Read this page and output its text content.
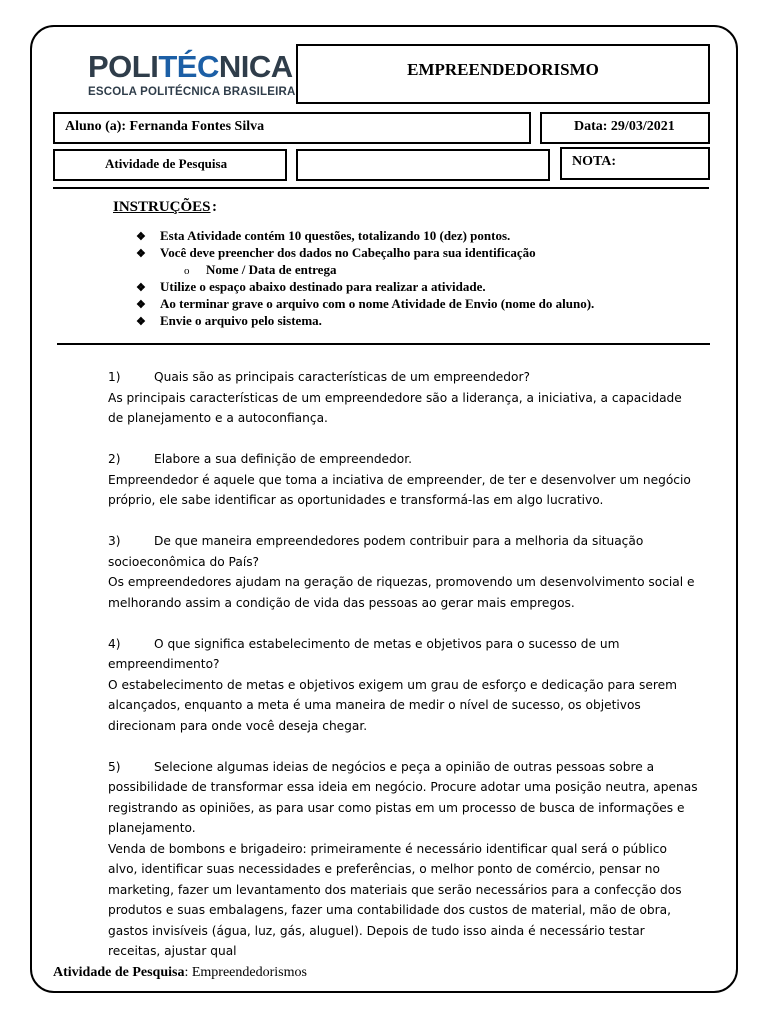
POLITÉCNICA
ESCOLA POLITÉCNICA BRASILEIRA
EMPREENDEDORISMO
Aluno (a): Fernanda Fontes Silva	Data: 29/03/2021
Atividade de Pesquisa	NOTA:
INSTRUÇÕES :
❖ Esta Atividade contém 10 questões, totalizando 10 (dez) pontos.
❖ Você deve preencher dos dados no Cabeçalho para sua identificação
o Nome / Data de entrega
❖ Utilize o espaço abaixo destinado para realizar a atividade.
❖ Ao terminar grave o arquivo com o nome Atividade de Envio (nome do aluno).
❖ Envie o arquivo pelo sistema.

1)	Quais são as principais características de um empreendedor?
As principais características de um empreendedore são a liderança, a iniciativa, a capacidade de planejamento e a autoconfiança.

2)	Elabore a sua definição de empreendedor.
Empreendedor é aquele que toma a inciativa de empreender, de ter e desenvolver um negócio próprio, ele sabe identificar as oportunidades e transformá-las em algo lucrativo.

3)	De que maneira empreendedores podem contribuir para a melhoria da situação socioeconômica do País?
Os empreendedores ajudam na geração de riquezas, promovendo um desenvolvimento social e melhorando assim a condição de vida das pessoas ao gerar mais empregos.

4)	O que significa estabelecimento de metas e objetivos para o sucesso de um empreendimento?
O estabelecimento de metas e objetivos exigem um grau de esforço e dedicação para serem alcançados, enquanto a meta é uma maneira de medir o nível de sucesso, os objetivos direcionam para onde você deseja chegar.

5)	Selecione algumas ideias de negócios e peça a opinião de outras pessoas sobre a possibilidade de transformar essa ideia em negócio. Procure adotar uma posição neutra, apenas registrando as opiniões, as para usar como pistas em um processo de busca de informações e planejamento.
Venda de bombons e brigadeiro: primeiramente é necessário identificar qual será o público alvo, identificar suas necessidades e preferências, o melhor ponto de comércio, pensar no marketing, fazer um levantamento dos materiais que serão necessários para a confecção dos produtos e suas embalagens, fazer uma contabilidade dos custos de material, mão de obra, gastos invisíveis (água, luz, gás, aluguel). Depois de tudo isso ainda é necessário testar receitas, ajustar qual

Atividade de Pesquisa: Empreendedorismos
